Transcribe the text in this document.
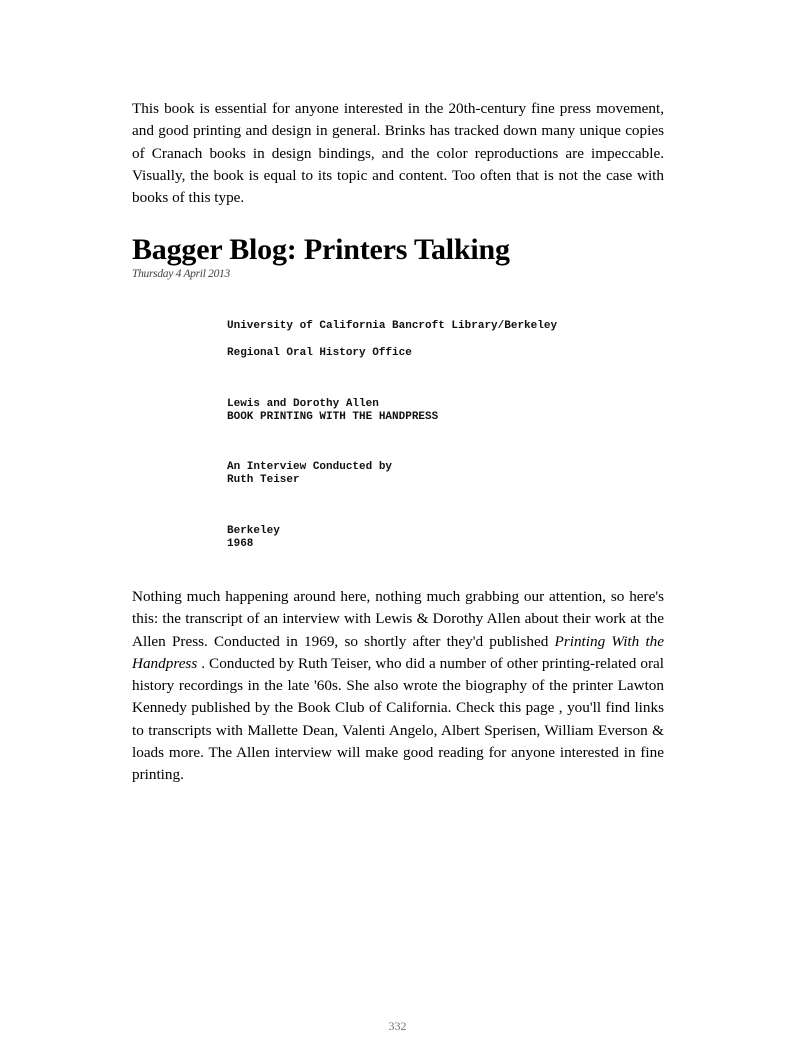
This book is essential for anyone interested in the 20th-century fine press movement, and good printing and design in general. Brinks has tracked down many unique copies of Cranach books in design bindings, and the color reproductions are impeccable. Visually, the book is equal to its topic and content. Too often that is not the case with books of this type.

Bagger Blog: Printers Talking
Thursday 4 April 2013
University of California Bancroft Library/Berkeley
Regional Oral History Office
Lewis and Dorothy Allen
BOOK PRINTING WITH THE HANDPRESS
An Interview Conducted by
Ruth Teiser
Berkeley
1968

Nothing much happening around here, nothing much grabbing our attention, so here's this: the transcript of an interview with Lewis & Dorothy Allen about their work at the Allen Press. Conducted in 1969, so shortly after they'd published Printing With the Handpress . Conducted by Ruth Teiser, who did a number of other printing-related oral history recordings in the late '60s. She also wrote the biography of the printer Lawton Kennedy published by the Book Club of California. Check this page , you'll find links to transcripts with Mallette Dean, Valenti Angelo, Albert Sperisen, William Everson & loads more. The Allen interview will make good reading for anyone interested in fine printing.

332
